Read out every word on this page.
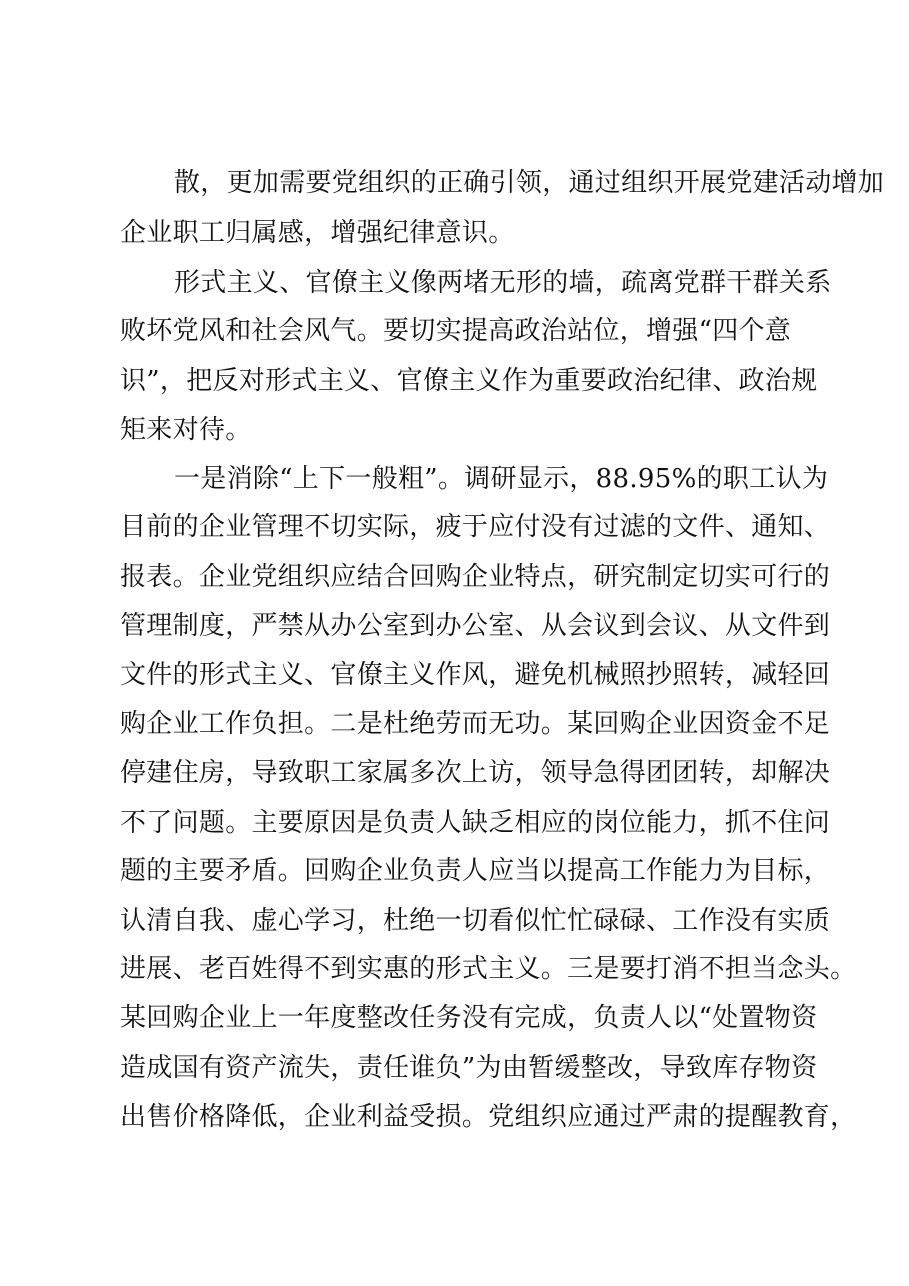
散，更加需要党组织的正确引领，通过组织开展党建活动增加
企业职工归属感，增强纪律意识。
形式主义、官僚主义像两堵无形的墙，疏离党群干群关系
败坏党风和社会风气。要切实提高政治站位，增强“四个意
识”，把反对形式主义、官僚主义作为重要政治纪律、政治规
矩来对待。
一是消除“上下一般粗”。调研显示，88.95%的职工认为
目前的企业管理不切实际，疲于应付没有过滤的文件、通知、
报表。企业党组织应结合回购企业特点，研究制定切实可行的
管理制度，严禁从办公室到办公室、从会议到会议、从文件到
文件的形式主义、官僚主义作风，避免机械照抄照转，减轻回
购企业工作负担。二是杜绝劳而无功。某回购企业因资金不足
停建住房，导致职工家属多次上访，领导急得团团转，却解决
不了问题。主要原因是负责人缺乏相应的岗位能力，抓不住问
题的主要矛盾。回购企业负责人应当以提高工作能力为目标，
认清自我、虚心学习，杜绝一切看似忙忙碌碌、工作没有实质
进展、老百姓得不到实惠的形式主义。三是要打消不担当念头。
某回购企业上一年度整改任务没有完成，负责人以“处置物资
造成国有资产流失，责任谁负”为由暂缓整改，导致库存物资
出售价格降低，企业利益受损。党组织应通过严肃的提醒教育，
